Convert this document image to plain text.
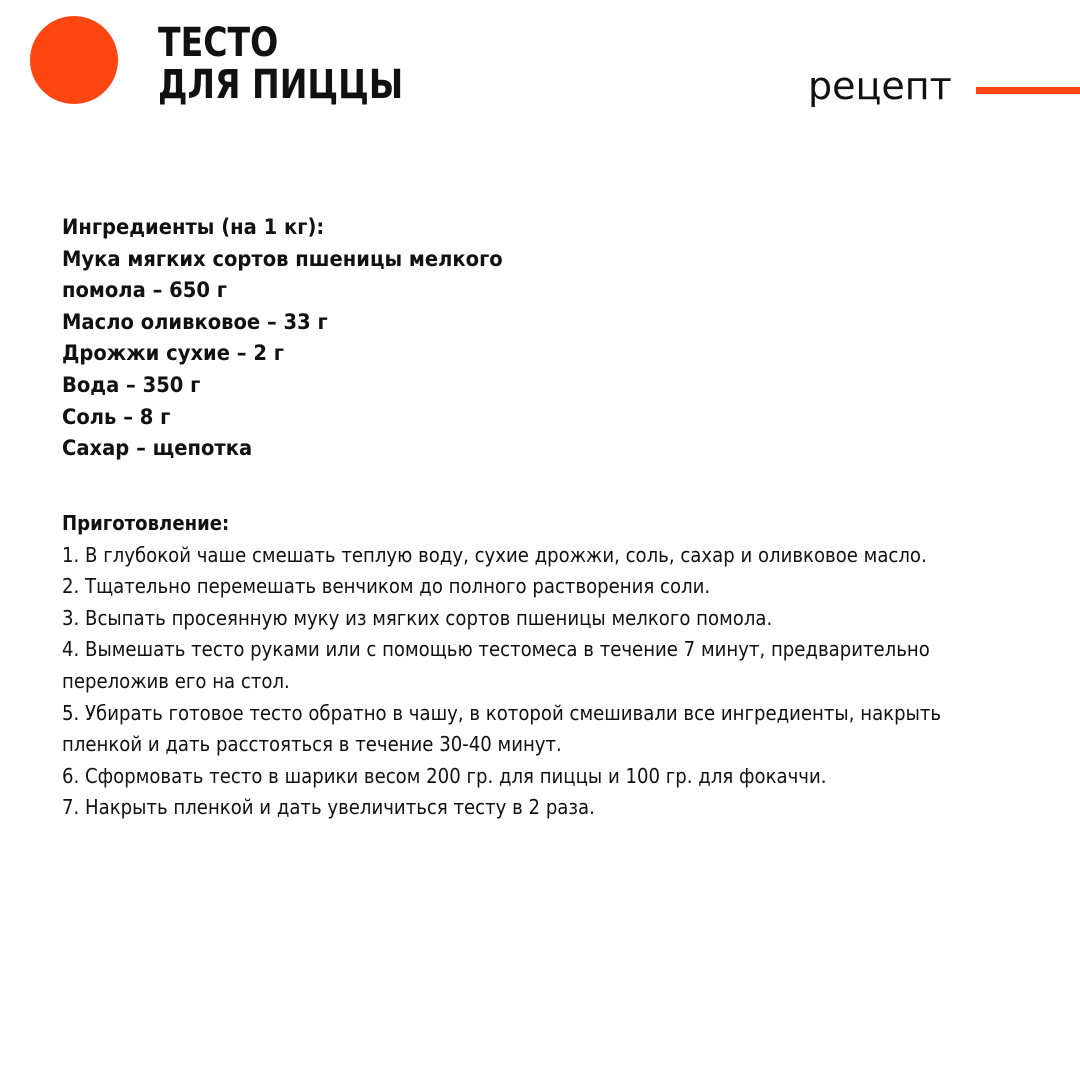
ТЕСТО
ДЛЯ ПИЦЦЫ	рецепт
Ингредиенты (на 1 кг):
Мука мягких сортов пшеницы мелкого
помола – 650 г
Масло оливковое – 33 г
Дрожжи сухие – 2 г
Вода – 350 г
Соль – 8 г
Сахар – щепотка
Приготовление:
1. В глубокой чаше смешать теплую воду, сухие дрожжи, соль, сахар и оливковое масло.
2. Тщательно перемешать венчиком до полного растворения соли.
3. Всыпать просеянную муку из мягких сортов пшеницы мелкого помола.
4. Вымешать тесто руками или с помощью тестомеса в течение 7 минут, предварительно
переложив его на стол.
5. Убирать готовое тесто обратно в чашу, в которой смешивали все ингредиенты, накрыть
пленкой и дать расстояться в течение 30-40 минут.
6. Сформовать тесто в шарики весом 200 гр. для пиццы и 100 гр. для фокаччи.
7. Накрыть пленкой и дать увеличиться тесту в 2 раза.
